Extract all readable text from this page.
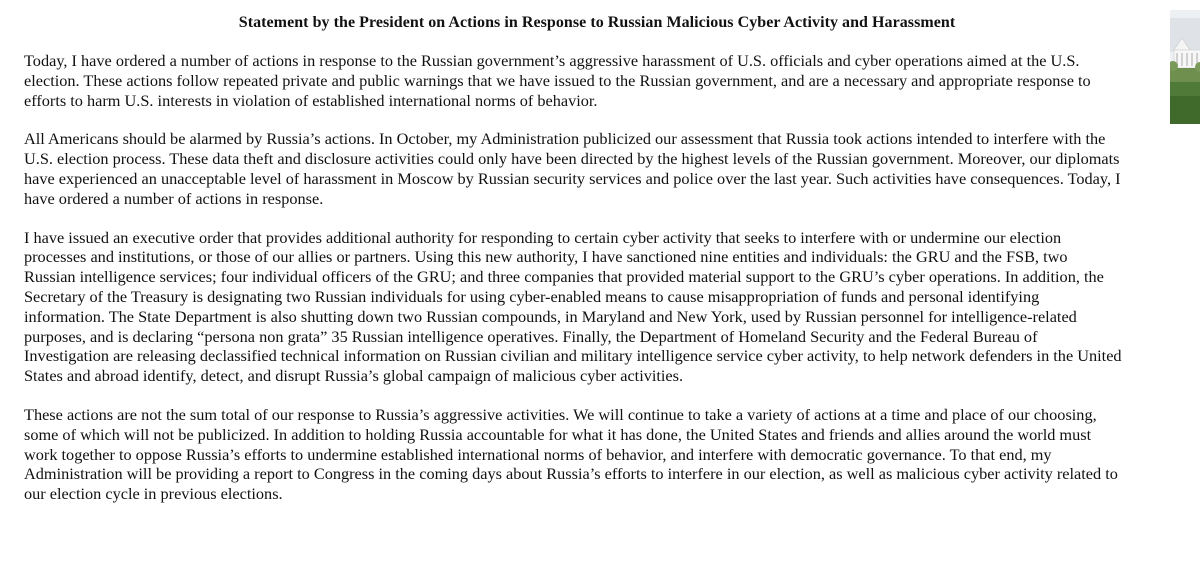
Statement by the President on Actions in Response to Russian Malicious Cyber Activity and Harassment

Today, I have ordered a number of actions in response to the Russian government’s aggressive harassment of U.S. officials and cyber operations aimed at the U.S. election. These actions follow repeated private and public warnings that we have issued to the Russian government, and are a necessary and appropriate response to efforts to harm U.S. interests in violation of established international norms of behavior.

All Americans should be alarmed by Russia’s actions. In October, my Administration publicized our assessment that Russia took actions intended to interfere with the U.S. election process. These data theft and disclosure activities could only have been directed by the highest levels of the Russian government. Moreover, our diplomats have experienced an unacceptable level of harassment in Moscow by Russian security services and police over the last year. Such activities have consequences. Today, I have ordered a number of actions in response.

I have issued an executive order that provides additional authority for responding to certain cyber activity that seeks to interfere with or undermine our election processes and institutions, or those of our allies or partners. Using this new authority, I have sanctioned nine entities and individuals: the GRU and the FSB, two Russian intelligence services; four individual officers of the GRU; and three companies that provided material support to the GRU’s cyber operations. In addition, the Secretary of the Treasury is designating two Russian individuals for using cyber-enabled means to cause misappropriation of funds and personal identifying information. The State Department is also shutting down two Russian compounds, in Maryland and New York, used by Russian personnel for intelligence-related purposes, and is declaring “persona non grata” 35 Russian intelligence operatives. Finally, the Department of Homeland Security and the Federal Bureau of Investigation are releasing declassified technical information on Russian civilian and military intelligence service cyber activity, to help network defenders in the United States and abroad identify, detect, and disrupt Russia’s global campaign of malicious cyber activities.

These actions are not the sum total of our response to Russia’s aggressive activities. We will continue to take a variety of actions at a time and place of our choosing, some of which will not be publicized. In addition to holding Russia accountable for what it has done, the United States and friends and allies around the world must work together to oppose Russia’s efforts to undermine established international norms of behavior, and interfere with democratic governance. To that end, my Administration will be providing a report to Congress in the coming days about Russia’s efforts to interfere in our election, as well as malicious cyber activity related to our election cycle in previous elections.
